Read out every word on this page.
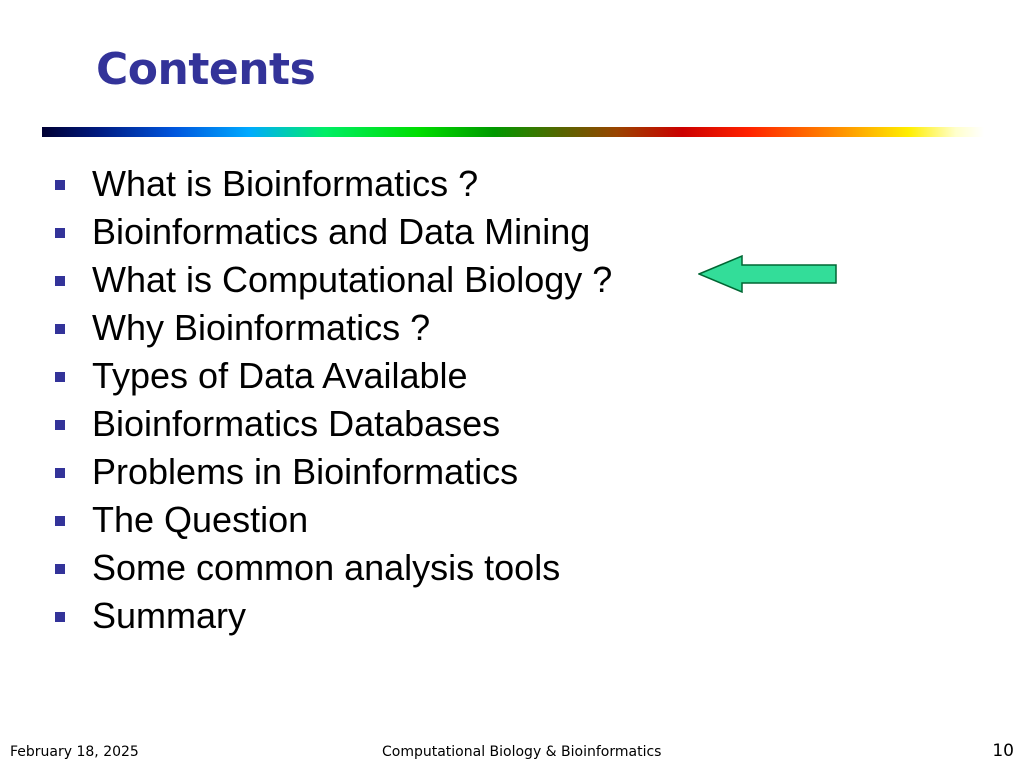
Contents
What is Bioinformatics ?
Bioinformatics and Data Mining
What is Computational Biology ?
Why Bioinformatics ?
Types of Data Available
Bioinformatics Databases
Problems in Bioinformatics
The Question
Some common analysis tools
Summary
February 18, 2025	Computational Biology & Bioinformatics	10
